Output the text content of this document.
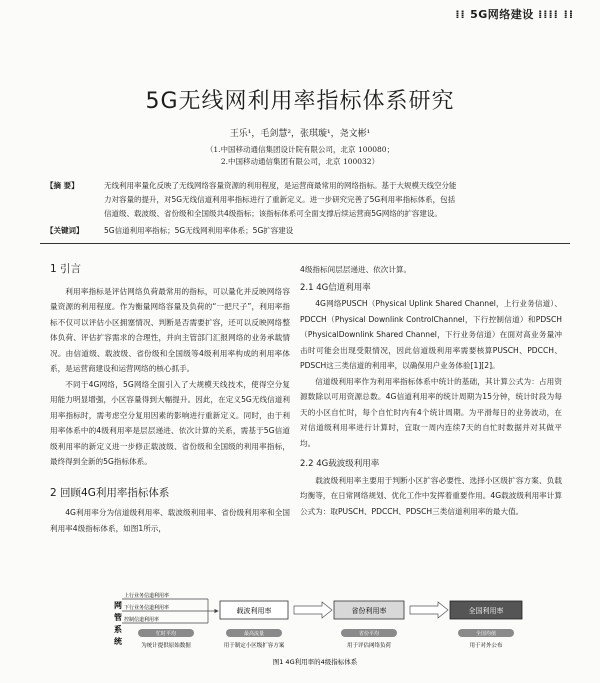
⁞⁞ 5G网络建设 ⁞⁞⁞⁞ ⁞⁞
5G无线网利用率指标体系研究
王乐¹，毛剑慧²，张琪璇¹，尧文彬¹
（1.中国移动通信集团设计院有限公司，北京 100080；
2.中国移动通信集团有限公司，北京 100032）
【摘 要】	无线利用率量化反映了无线网络容量资源的利用程度，是运营商最常用的网络指标。基于大规模天线空分能
力对容量的提升，对5G无线信道利用率指标进行了重新定义。进一步研究完善了5G利用率指标体系，包括
信道级、载波级、省份级和全国级共4级指标；该指标体系可全面支撑后续运营商5G网络的扩容建设。
【关键词】	5G信道利用率指标；5G无线网利用率体系；5G扩容建设
1 引言

利用率指标是评估网络负荷最常用的指标，可以量化并反映网络容量资源的利用程度。作为衡量网络容量及负荷的“一把尺子”，利用率指标不仅可以评估小区拥塞情况、判断是否需要扩容，还可以反映网络整体负荷、评估扩容需求的合理性，并向主管部门汇报网络的业务承载情况。由信道级、载波级、省份级和全国级等4级利用率构成的利用率体系，是运营商建设和运营网络的核心抓手。

不同于4G网络，5G网络全面引入了大规模天线技术，使得空分复用能力明显增强，小区容量得到大幅提升。因此，在定义5G无线信道利用率指标时，需考虑空分复用因素的影响进行重新定义。同时，由于利用率体系中的4级利用率是层层递进、依次计算的关系，需基于5G信道级利用率的新定义进一步修正载波级、省份级和全国级的利用率指标，最终得到全新的5G指标体系。

2 回顾4G利用率指标体系

4G利用率分为信道级利用率、载波级利用率、省份级利用率和全国利用率4级指标体系，如图1所示，

4级指标间层层递进、依次计算。

2.1 4G信道利用率

4G网络PUSCH（Physical Uplink Shared Channel，上行业务信道）、PDCCH（Physical Downlink ControlChannel，下行控制信道）和PDSCH（PhysicalDownlink Shared Channel，下行业务信道）在面对高业务量冲击时可能会出现受限情况，因此信道级利用率需要核算PUSCH、PDCCH、PDSCH这三类信道的利用率，以确保用户业务体验[1][2]。

信道级利用率作为利用率指标体系中统计的基础，其计算公式为：占用资源数除以可用资源总数。4G信道利用率的统计周期为15分钟，统计时段为每天的小区自忙时，每个自忙时内有4个统计周期。为平滑每日的业务波动，在对信道级利用率进行计算时，宜取一周内连续7天的自忙时数据并对其做平均。

2.2 4G载波级利用率

载波级利用率主要用于判断小区扩容必要性、选择小区级扩容方案、负载均衡等，在日常网络规划、优化工作中发挥着重要作用。4G载波级利用率计算公式为：取PUSCH、PDCCH、PDSCH三类信道利用率的最大值。

网
管
系
统
上行业务信道利用率
下行业务信道利用率
控制信道利用率
载波利用率	省份利用率	全国利用率
忙时平均	最高流量	省份平均	全国均值
为统计提供原始数据	用于制定小区级扩容方案	用于评估网络负荷	用于对外公布
图1 4G利用率的4级指标体系
